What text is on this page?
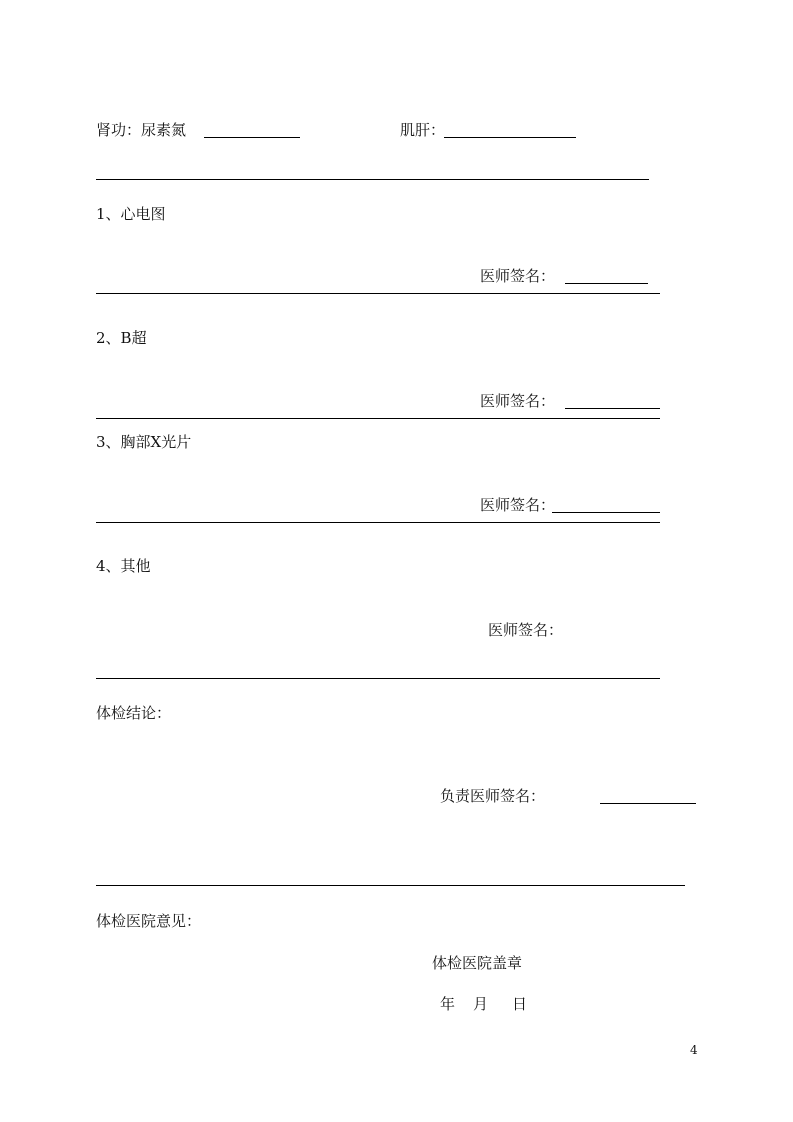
肾功：尿素氮	肌肝：
1、心电图
医师签名：
2、B超
医师签名：
3、胸部X光片
医师签名：
4、其他
医师签名：
体检结论：
负责医师签名：
体检医院意见：
体检医院盖章
年 月 日
4
